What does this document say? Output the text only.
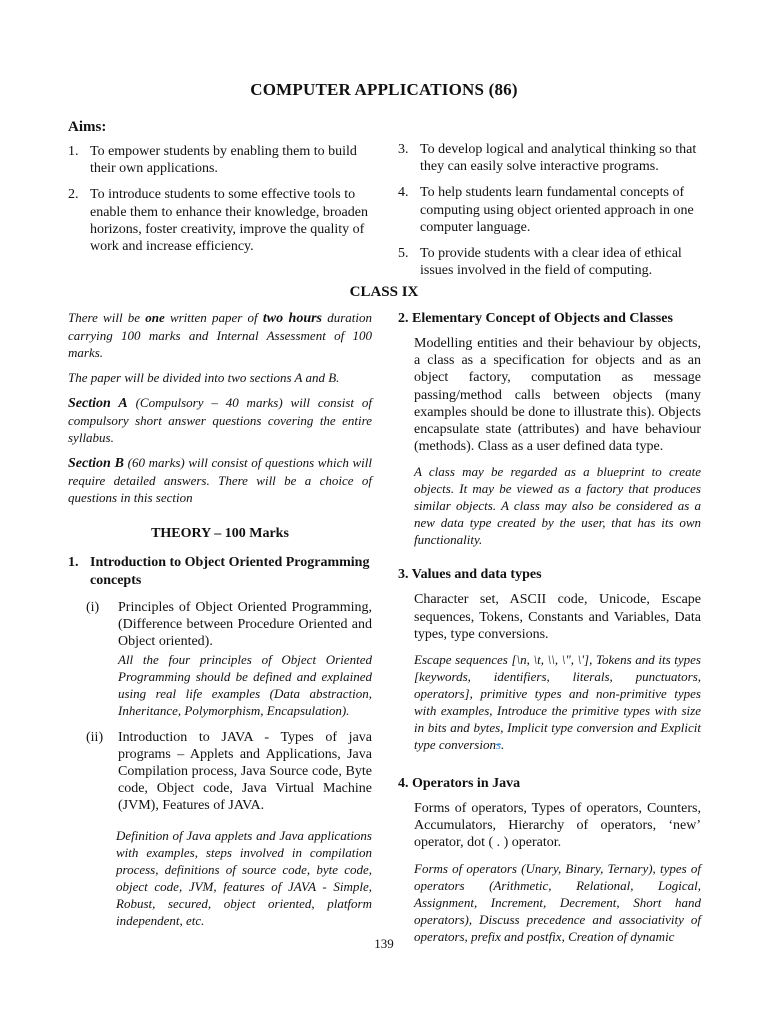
COMPUTER APPLICATIONS (86)
Aims:
1. To empower students by enabling them to build their own applications.
2. To introduce students to some effective tools to enable them to enhance their knowledge, broaden horizons, foster creativity, improve the quality of work and increase efficiency.
3. To develop logical and analytical thinking so that they can easily solve interactive programs.
4. To help students learn fundamental concepts of computing using object oriented approach in one computer language.
5. To provide students with a clear idea of ethical issues involved in the field of computing.
CLASS IX

There will be one written paper of two hours duration carrying 100 marks and Internal Assessment of 100 marks.

The paper will be divided into two sections A and B.

Section A (Compulsory – 40 marks) will consist of compulsory short answer questions covering the entire syllabus.

Section B (60 marks) will consist of questions which will require detailed answers. There will be a choice of questions in this section

THEORY – 100 Marks
1. Introduction to Object Oriented Programming concepts
(i)	Principles of Object Oriented Programming, (Difference between Procedure Oriented and Object oriented).
All the four principles of Object Oriented Programming should be defined and explained using real life examples (Data abstraction, Inheritance, Polymorphism, Encapsulation).
(ii)	Introduction to JAVA - Types of java programs – Applets and Applications, Java Compilation process, Java Source code, Byte code, Object code, Java Virtual Machine (JVM), Features of JAVA.
Definition of Java applets and Java applications with examples, steps involved in compilation process, definitions of source code, byte code, object code, JVM, features of JAVA - Simple, Robust, secured, object oriented, platform independent, etc.
2. Elementary Concept of Objects and Classes
Modelling entities and their behaviour by objects, a class as a specification for objects and as an object factory, computation as message passing/method calls between objects (many examples should be done to illustrate this). Objects encapsulate state (attributes) and have behaviour (methods). Class as a user defined data type.
A class may be regarded as a blueprint to create objects. It may be viewed as a factory that produces similar objects. A class may also be considered as a new data type created by the user, that has its own functionality.
3. Values and data types
Character set, ASCII code, Unicode, Escape sequences, Tokens, Constants and Variables, Data types, type conversions.
Escape sequences [\n, \t, \\, \", \'], Tokens and its types [keywords, identifiers, literals, punctuators, operators], primitive types and non-primitive types with examples, Introduce the primitive types with size in bits and bytes, Implicit type conversion and Explicit type conversions.
4. Operators in Java
Forms of operators, Types of operators, Counters, Accumulators, Hierarchy of operators, ‘new’ operator, dot ( . ) operator.
Forms of operators (Unary, Binary, Ternary), types of operators (Arithmetic, Relational, Logical, Assignment, Increment, Decrement, Short hand operators), Discuss precedence and associativity of operators, prefix and postfix, Creation of dynamic
139
